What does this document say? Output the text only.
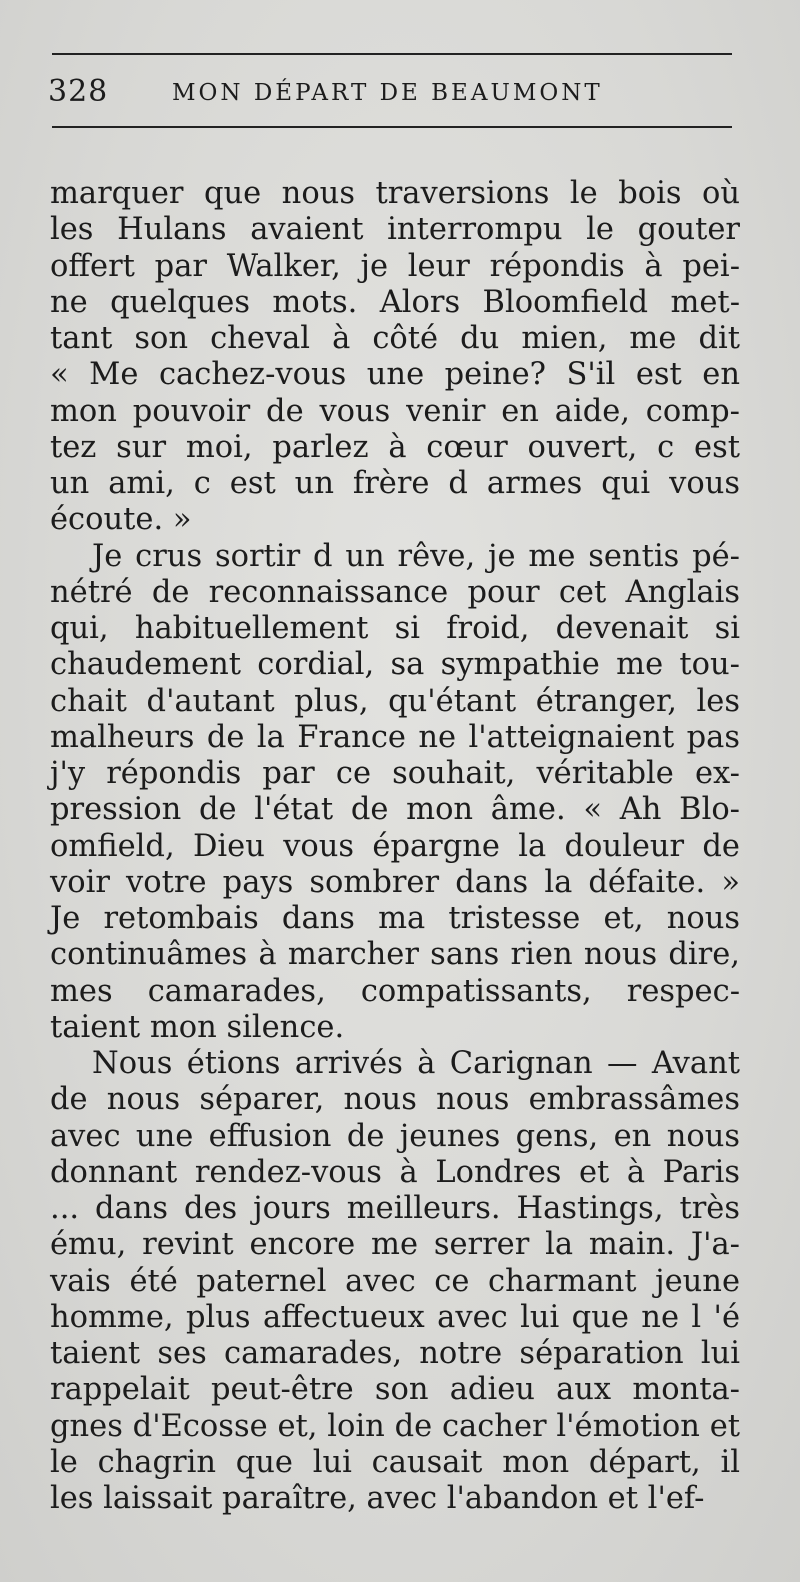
328	MON DÉPART DE BEAUMONT
marquer que nous traversions le bois où
les Hulans avaient interrompu le gouter
offert par Walker, je leur répondis à pei-
ne quelques mots. Alors Bloomfield met-
tant son cheval à côté du mien, me dit
« Me cachez-vous une peine? S'il est en
mon pouvoir de vous venir en aide, comp-
tez sur moi, parlez à cœur ouvert, c est
un ami, c est un frère d armes qui vous
écoute. »
Je crus sortir d un rêve, je me sentis pé-
nétré de reconnaissance pour cet Anglais
qui, habituellement si froid, devenait si
chaudement cordial, sa sympathie me tou-
chait d'autant plus, qu'étant étranger, les
malheurs de la France ne l'atteignaient pas
j'y répondis par ce souhait, véritable ex-
pression de l'état de mon âme. « Ah Blo-
omfield, Dieu vous épargne la douleur de
voir votre pays sombrer dans la défaite. »
Je retombais dans ma tristesse et, nous
continuâmes à marcher sans rien nous dire,
mes camarades, compatissants, respec-
taient mon silence.
Nous étions arrivés à Carignan — Avant
de nous séparer, nous nous embrassâmes
avec une effusion de jeunes gens, en nous
donnant rendez-vous à Londres et à Paris
... dans des jours meilleurs. Hastings, très
ému, revint encore me serrer la main. J'a-
vais été paternel avec ce charmant jeune
homme, plus affectueux avec lui que ne l 'é
taient ses camarades, notre séparation lui
rappelait peut-être son adieu aux monta-
gnes d'Ecosse et, loin de cacher l'émotion et
le chagrin que lui causait mon départ, il
les laissait paraître, avec l'abandon et l'ef-
